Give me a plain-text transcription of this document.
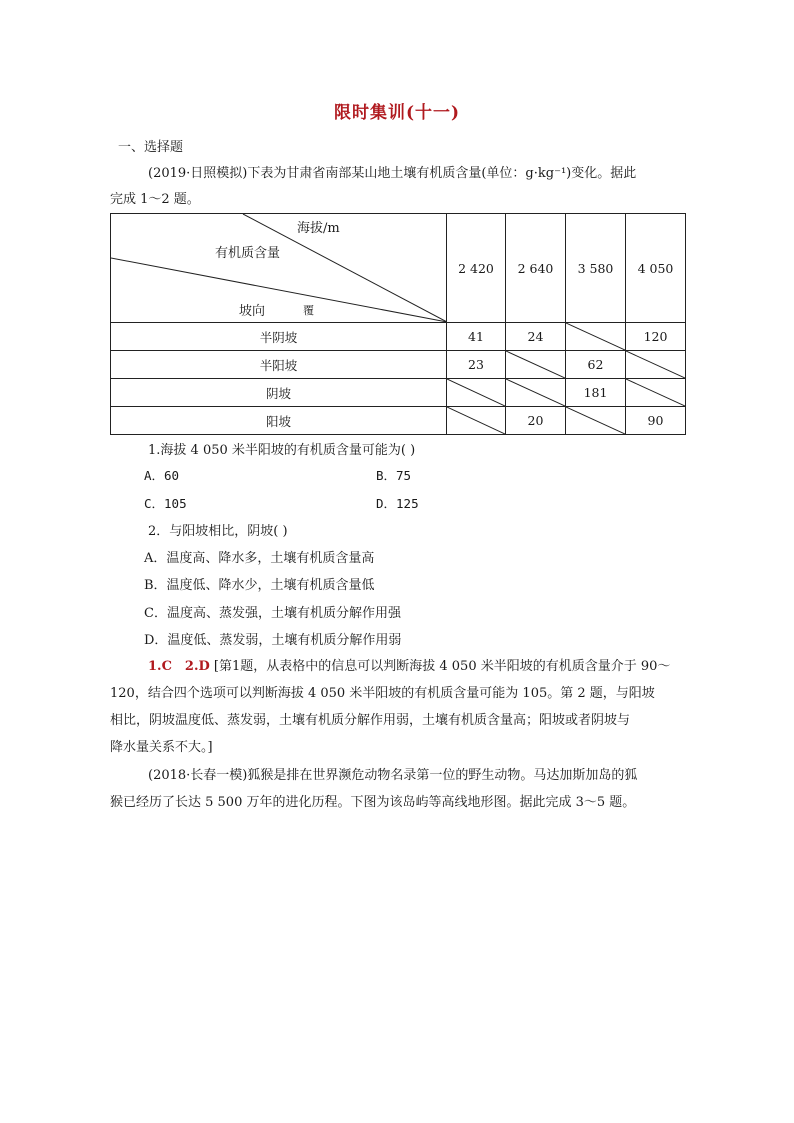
限时集训(十一)
一、选择题
(2019·日照模拟)下表为甘肃省南部某山地土壤有机质含量(单位：g·kg⁻¹)变化。据此
完成 1～2 题。
海拔/m
有机质含量
坡向 覆	2 420	2 640	3 580	4 050
半阴坡	41	24		120
半阳坡	23		62	

阴坡			181	

阳坡		20		90
1.海拔 4 050 米半阳坡的有机质含量可能为( )
A．60	B．75
C．105	D．125
2．与阳坡相比，阴坡( )
A．温度高、降水多，土壤有机质含量高
B．温度低、降水少，土壤有机质含量低
C．温度高、蒸发强，土壤有机质分解作用强
D．温度低、蒸发弱，土壤有机质分解作用弱
1.C　2.D [第1题，从表格中的信息可以判断海拔 4 050 米半阳坡的有机质含量介于 90～
120，结合四个选项可以判断海拔 4 050 米半阳坡的有机质含量可能为 105。第 2 题，与阳坡
相比，阴坡温度低、蒸发弱，土壤有机质分解作用弱，土壤有机质含量高；阳坡或者阴坡与
降水量关系不大。]
(2018·长春一模)狐猴是排在世界濒危动物名录第一位的野生动物。马达加斯加岛的狐
猴已经历了长达 5 500 万年的进化历程。下图为该岛屿等高线地形图。据此完成 3～5 题。
